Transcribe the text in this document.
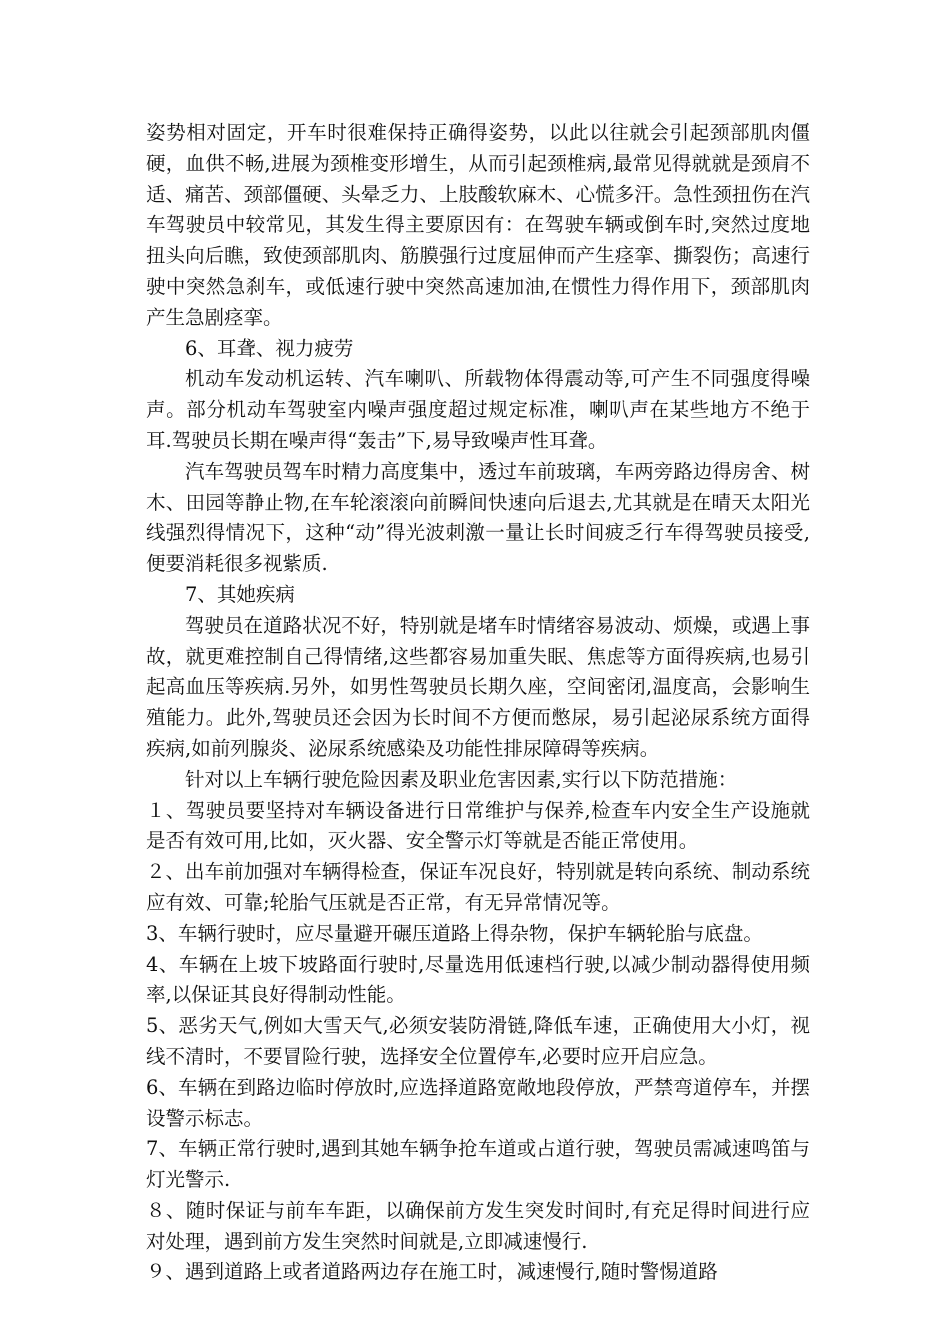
姿势相对固定，开车时很难保持正确得姿势，以此以往就会引起颈部肌肉僵硬，血供不畅,进展为颈椎变形增生，从而引起颈椎病,最常见得就就是颈肩不适、痛苦、颈部僵硬、头晕乏力、上肢酸软麻木、心慌多汗。急性颈扭伤在汽车驾驶员中较常见，其发生得主要原因有：在驾驶车辆或倒车时,突然过度地扭头向后瞧，致使颈部肌肉、筋膜强行过度屈伸而产生痉挛、撕裂伤；高速行驶中突然急刹车，或低速行驶中突然高速加油,在惯性力得作用下，颈部肌肉产生急剧痉挛。

6、耳聋、视力疲劳

机动车发动机运转、汽车喇叭、所载物体得震动等,可产生不同强度得噪声。部分机动车驾驶室内噪声强度超过规定标准，喇叭声在某些地方不绝于耳.驾驶员长期在噪声得“轰击”下,易导致噪声性耳聋。

汽车驾驶员驾车时精力高度集中，透过车前玻璃，车两旁路边得房舍、树木、田园等静止物,在车轮滚滚向前瞬间快速向后退去,尤其就是在晴天太阳光线强烈得情况下，这种“动”得光波刺激一量让长时间疲乏行车得驾驶员接受,便要消耗很多视紫质.

7、其她疾病

驾驶员在道路状况不好，特别就是堵车时情绪容易波动、烦燥，或遇上事故，就更难控制自己得情绪,这些都容易加重失眠、焦虑等方面得疾病,也易引起高血压等疾病.另外，如男性驾驶员长期久座，空间密闭,温度高，会影响生殖能力。此外,驾驶员还会因为长时间不方便而憋尿，易引起泌尿系统方面得疾病,如前列腺炎、泌尿系统感染及功能性排尿障碍等疾病。

针对以上车辆行驶危险因素及职业危害因素,实行以下防范措施：

１、驾驶员要坚持对车辆设备进行日常维护与保养,检查车内安全生产设施就是否有效可用,比如，灭火器、安全警示灯等就是否能正常使用。

２、出车前加强对车辆得检查，保证车况良好，特别就是转向系统、制动系统应有效、可靠;轮胎气压就是否正常，有无异常情况等。

3、车辆行驶时，应尽量避开碾压道路上得杂物，保护车辆轮胎与底盘。

4、车辆在上坡下坡路面行驶时,尽量选用低速档行驶,以减少制动器得使用频率,以保证其良好得制动性能。

5、恶劣天气,例如大雪天气,必须安装防滑链,降低车速，正确使用大小灯，视线不清时，不要冒险行驶，选择安全位置停车,必要时应开启应急。

6、车辆在到路边临时停放时,应选择道路宽敞地段停放，严禁弯道停车，并摆设警示标志。

7、车辆正常行驶时,遇到其她车辆争抢车道或占道行驶，驾驶员需减速鸣笛与灯光警示.

８、随时保证与前车车距，以确保前方发生突发时间时,有充足得时间进行应对处理，遇到前方发生突然时间就是,立即减速慢行.

９、遇到道路上或者道路两边存在施工时，减速慢行,随时警惕道路
